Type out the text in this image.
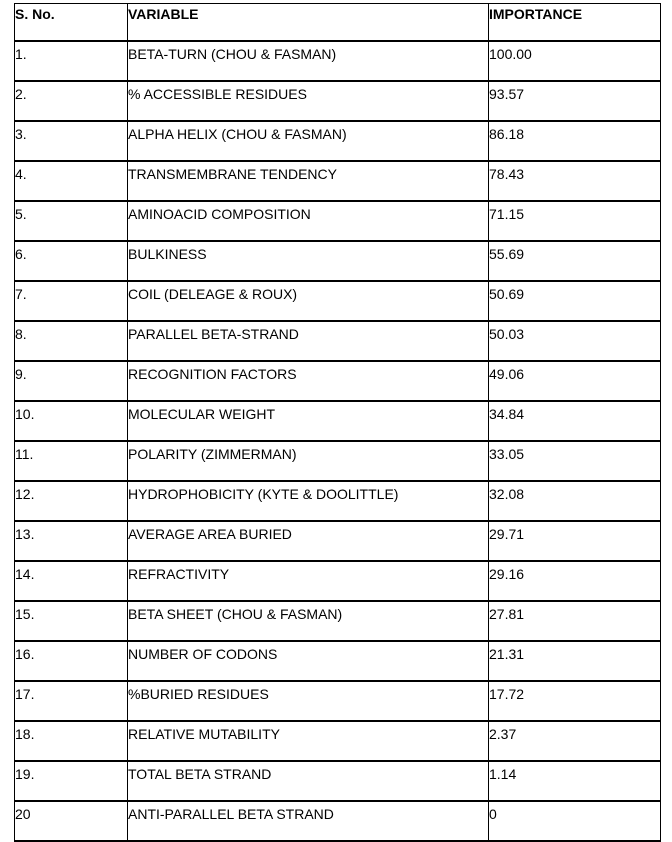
S. No.	VARIABLE	IMPORTANCE
1.	BETA-TURN (CHOU & FASMAN)	100.00
2.	% ACCESSIBLE RESIDUES	93.57
3.	ALPHA HELIX (CHOU & FASMAN)	86.18
4.	TRANSMEMBRANE TENDENCY	78.43
5.	AMINOACID COMPOSITION	71.15
6.	BULKINESS	55.69
7.	COIL (DELEAGE & ROUX)	50.69
8.	PARALLEL BETA-STRAND	50.03
9.	RECOGNITION FACTORS	49.06
10.	MOLECULAR WEIGHT	34.84
11.	POLARITY (ZIMMERMAN)	33.05
12.	HYDROPHOBICITY (KYTE & DOOLITTLE)	32.08
13.	AVERAGE AREA BURIED	29.71
14.	REFRACTIVITY	29.16
15.	BETA SHEET (CHOU & FASMAN)	27.81
16.	NUMBER OF CODONS	21.31
17.	%BURIED RESIDUES	17.72
18.	RELATIVE MUTABILITY	2.37
19.	TOTAL BETA STRAND	1.14
20	ANTI-PARALLEL BETA STRAND	0
